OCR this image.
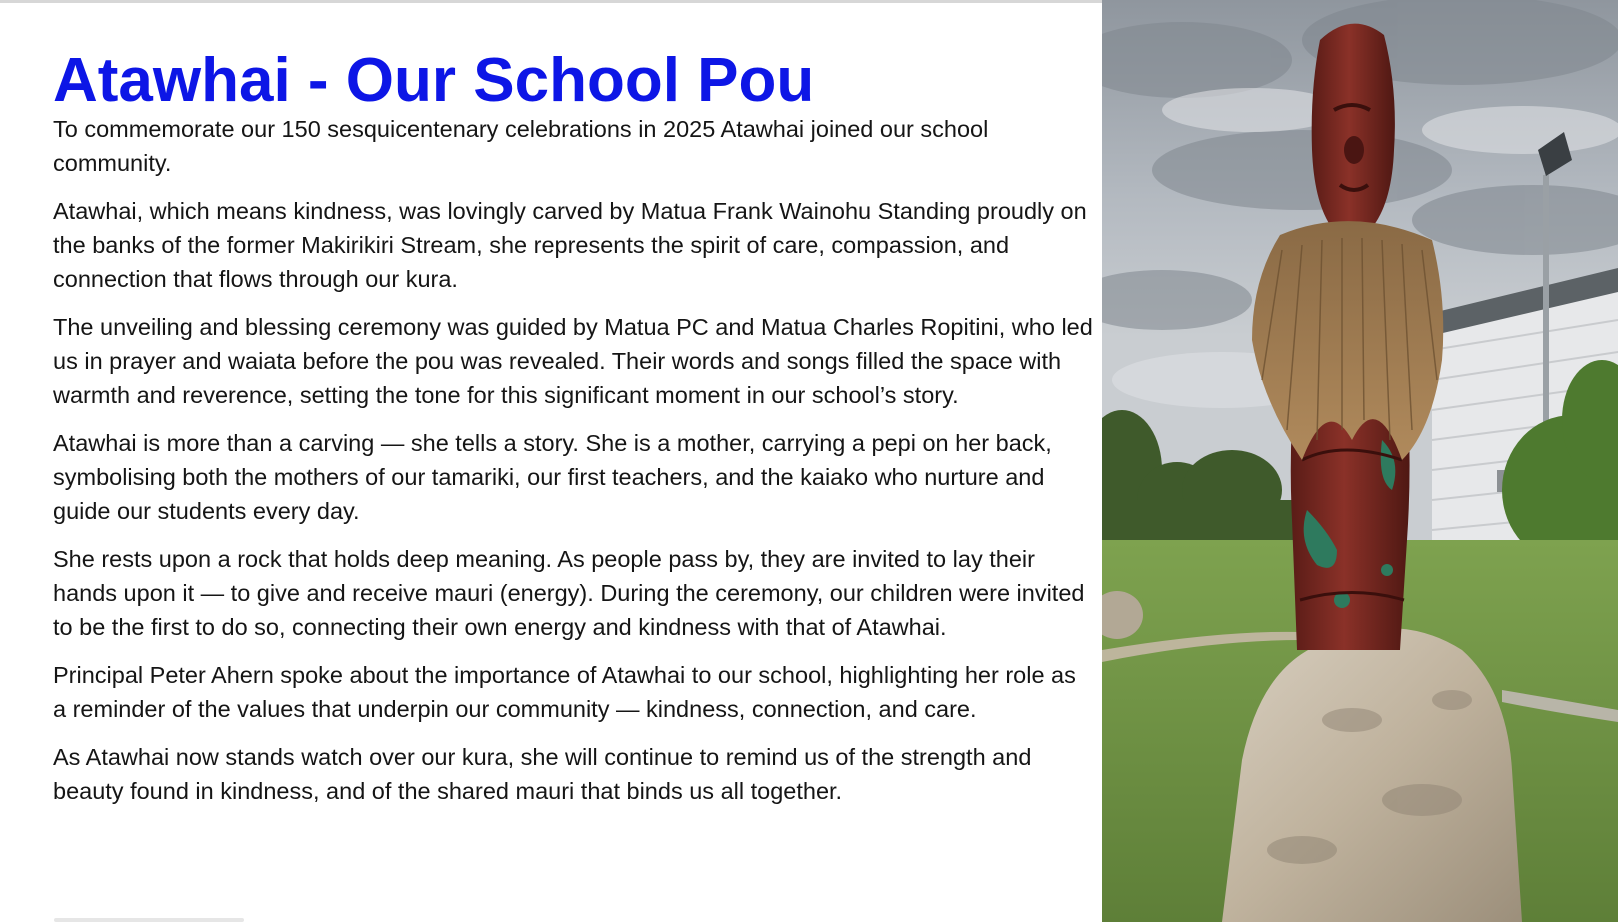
Atawhai - Our School Pou

To commemorate our 150 sesquicentenary celebrations in 2025 Atawhai joined our school community.

Atawhai, which means kindness, was lovingly carved by Matua Frank Wainohu Standing proudly on the banks of the former Makirikiri Stream, she represents the spirit of care, compassion, and connection that flows through our kura.

The unveiling and blessing ceremony was guided by Matua PC and Matua Charles Ropitini, who led us in prayer and waiata before the pou was revealed. Their words and songs filled the space with warmth and reverence, setting the tone for this significant moment in our school’s story.

Atawhai is more than a carving — she tells a story. She is a mother, carrying a pepi on her back, symbolising both the mothers of our tamariki, our first teachers, and the kaiako who nurture and guide our students every day.

She rests upon a rock that holds deep meaning. As people pass by, they are invited to lay their hands upon it — to give and receive mauri (energy). During the ceremony, our children were invited to be the first to do so, connecting their own energy and kindness with that of Atawhai.

Principal Peter Ahern spoke about the importance of Atawhai to our school, highlighting her role as a reminder of the values that underpin our community — kindness, connection, and care.

As Atawhai now stands watch over our kura, she will continue to remind us of the strength and beauty found in kindness, and of the shared mauri that binds us all together.
